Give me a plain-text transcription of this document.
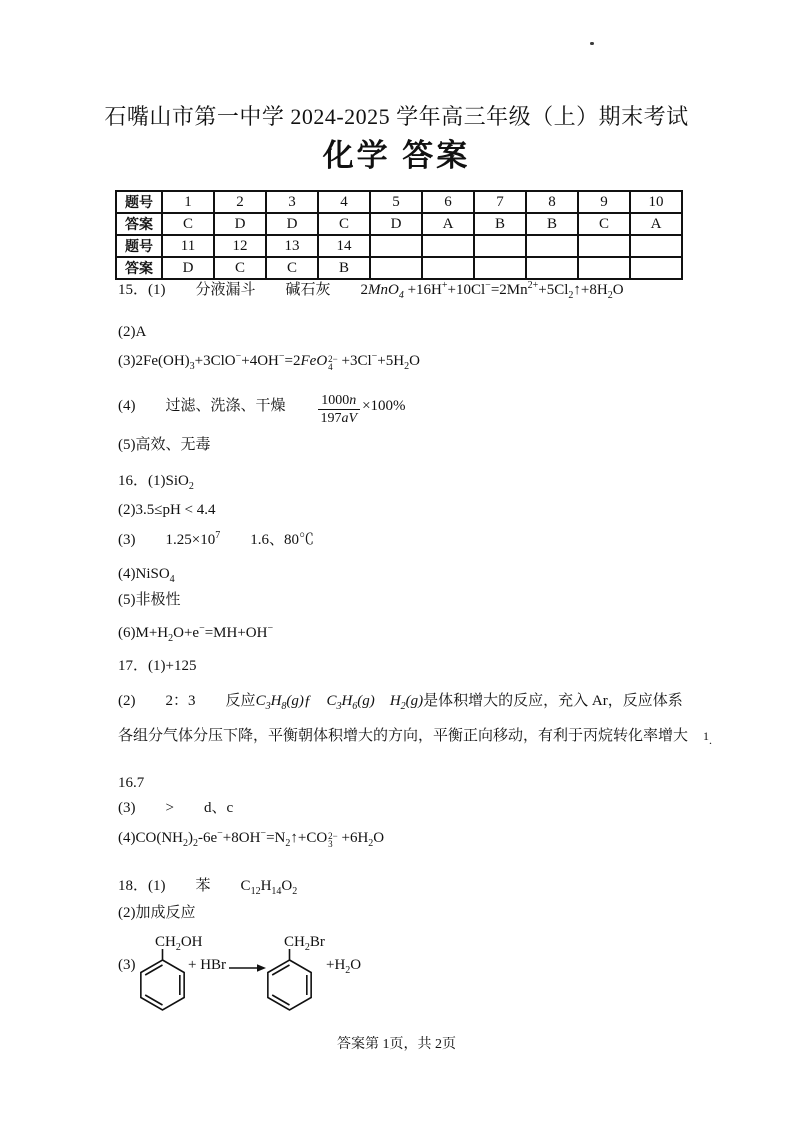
石嘴山市第一中学 2024-2025 学年高三年级（上）期末考试
化学 答案
题号	1	2	3	4	5	6	7	8	9	10
答案	C	D	D	C	D	A	B	B	C	A
题号	11	12	13	14						
答案	D	C	C	B						
15．(1)　　分液漏斗　　碱石灰　　$2MnO_4 +16H^++10Cl^-=2Mn^{2+}+5Cl_2↑+8H_2O$
(2)A
$(3)2Fe(OH)_3+3ClO^-+4OH^-=2FeO$ 2−
$4 +3Cl^-+5H_2O$
(4)　　过滤、洗涤、干燥　　 $\frac{1000n}{197aV} \times 100\%$
(5)高效、无毒
16．(1)SiO$_2$
(2)3.5≤pH < 4.4
(3)　　 $1.25\times 10^7$　　 1.6、80℃
(4)NiSO$_4$
(5)非极性
$(6)M+H_2O+e^-=MH+OH^-$
17．(1)+125
(2)　　 2：3　　 反应$C_3H_8(g)ƒ$　 $C_3H_6(g)$　 $H_2(g)$是体积增大的反应，充入 Ar，反应体系
各组分气体分压下降，平衡朝体积增大的方向，平衡正向移动，有利于丙烷转化率增大　 $1_.$
16.7
(3)　　 >　　 d、c
$(4)CO(NH_2)_2-6e^-+8OH^-=N_2↑+CO$ 2−
$3 +6H_2O$
18．(1)　　 苯　　 $C_{12}H_{14}O_2$
(2)加成反应
(3)
$CH_2OH$
+ HBr
$CH_2Br$
$+H_2O$
答案第 1页，共 2页
